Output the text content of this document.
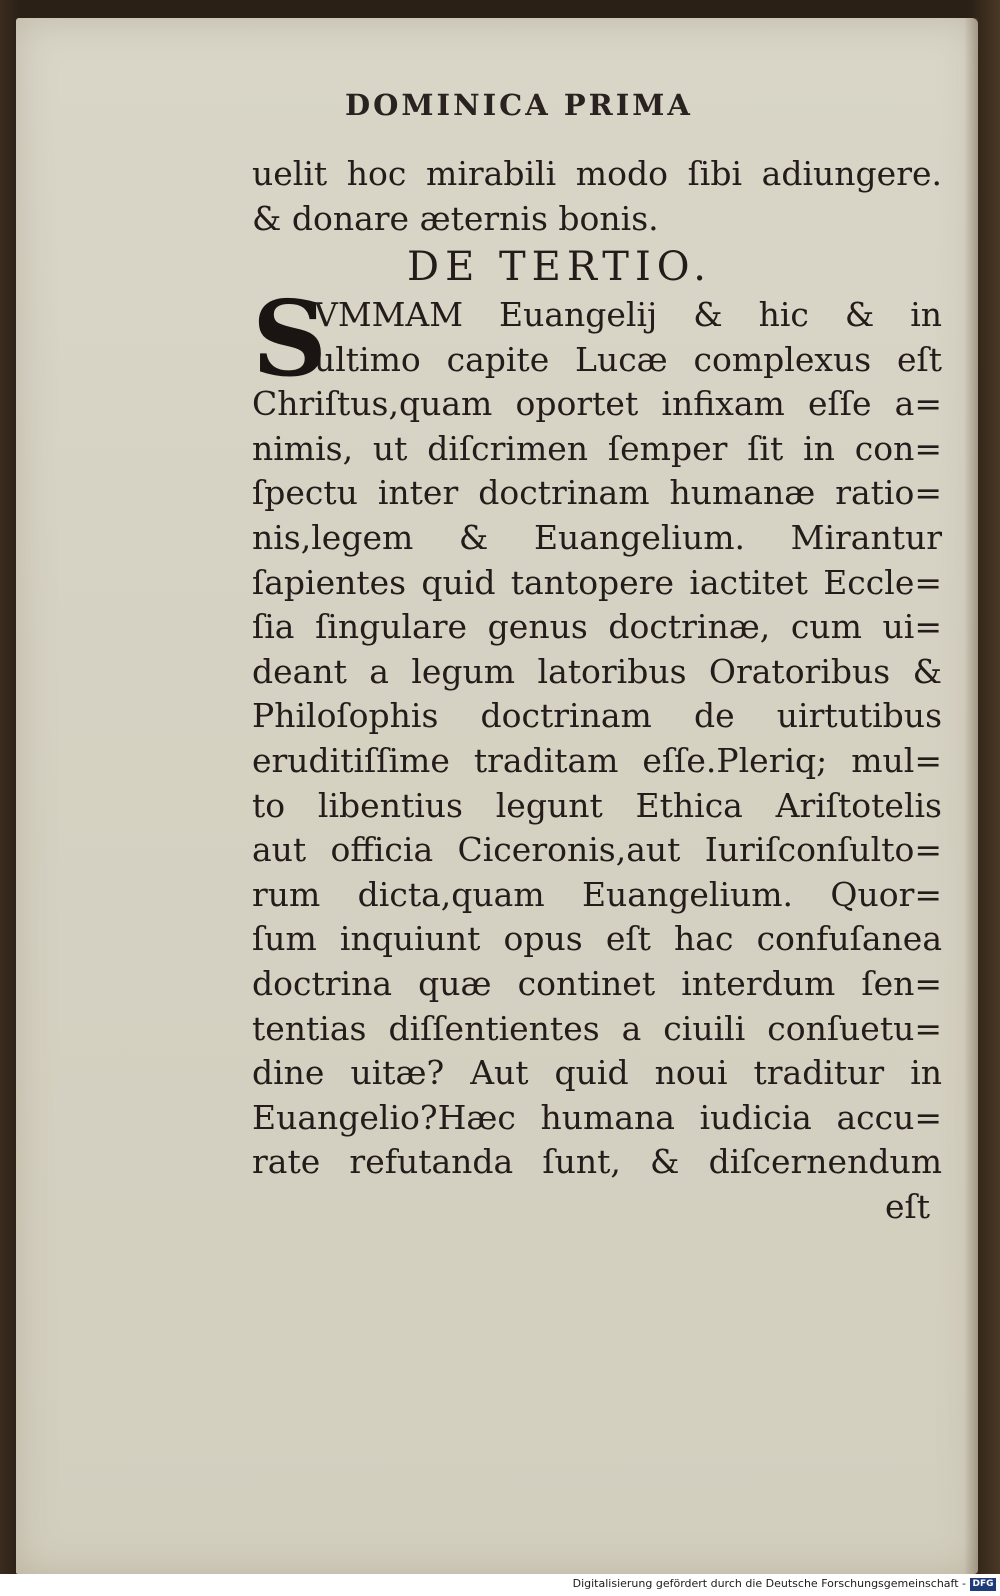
DOMINICA PRIMA
uelit hoc mirabili modo ſibi adiungere.
& donare æternis bonis.
DE TERTIO.
S
VMMAM Euangelij & hic & in
ultimo capite Lucæ complexus eſt
Chriſtus,quam oportet infixam eſſe a=
nimis, ut diſcrimen ſemper ſit in con=
ſpectu inter doctrinam humanæ ratio=
nis,legem & Euangelium. Mirantur
ſapientes quid tantopere iactitet Eccle=
ſia ſingulare genus doctrinæ, cum ui=
deant a legum latoribus Oratoribus &
Philoſophis doctrinam de uirtutibus
eruditiſſime traditam eſſe.Pleriq; mul=
to libentius legunt Ethica Ariſtotelis
aut officia Ciceronis,aut Iuriſconſulto=
rum dicta,quam Euangelium. Quor=
ſum inquiunt opus eſt hac confuſanea
doctrina quæ continet interdum ſen=
tentias diſſentientes a ciuili conſuetu=
dine uitæ? Aut quid noui traditur in
Euangelio?Hæc humana iudicia accu=
rate refutanda ſunt, & diſcernendum
eſt
Digitalisierung gefördert durch die Deutsche Forschungsgemeinschaft - DFG
